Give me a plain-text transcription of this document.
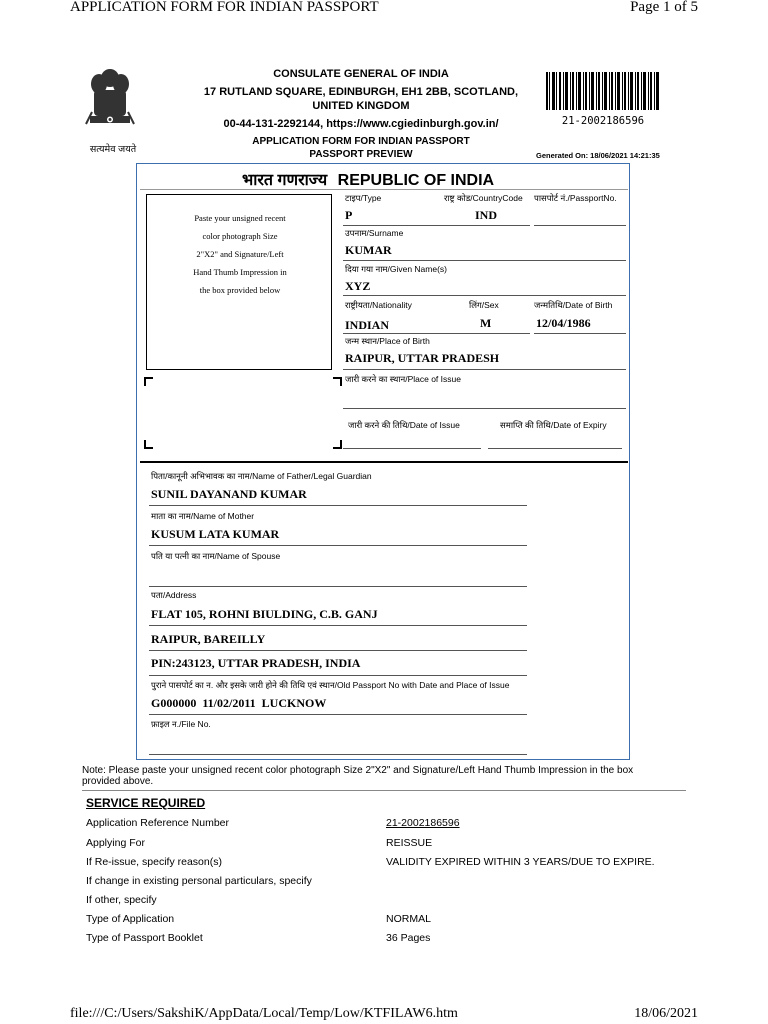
APPLICATION FORM FOR INDIAN PASSPORT	Page 1 of 5
सत्यमेव जयते
CONSULATE GENERAL OF INDIA
17 RUTLAND SQUARE, EDINBURGH, EH1 2BB, SCOTLAND,
UNITED KINGDOM
00-44-131-2292144, https://www.cgiedinburgh.gov.in/
APPLICATION FORM FOR INDIAN PASSPORT
PASSPORT PREVIEW	Generated On: 18/06/2021 14:21:35
21-2002186596
भारत गणराज्य REPUBLIC OF INDIA
Paste your unsigned recent
color photograph Size
2"X2" and Signature/Left
Hand Thumb Impression in
the box provided below
टाइप/Type	राष्ट्र कोड/CountryCode पासपोर्ट नं./PassportNo.
P	IND
उपनाम/Surname
KUMAR
दिया गया नाम/Given Name(s)
XYZ
राष्ट्रीयता/Nationality	लिंग/Sex	जन्मतिथि/Date of Birth
INDIAN	M	12/04/1986
जन्म स्थान/Place of Birth
RAIPUR, UTTAR PRADESH
जारी करने का स्थान/Place of Issue
जारी करने की तिथि/Date of Issue	समाप्ति की तिथि/Date of Expiry
पिता/कानूनी अभिभावक का नाम/Name of Father/Legal Guardian
SUNIL DAYANAND KUMAR
माता का नाम/Name of Mother
KUSUM LATA KUMAR
पति या पत्नी का नाम/Name of Spouse
पता/Address
FLAT 105, ROHNI BIULDING, C.B. GANJ
RAIPUR, BAREILLY
PIN:243123, UTTAR PRADESH, INDIA
पुराने पासपोर्ट का न. और इसके जारी होने की तिथि एवं स्थान/Old Passport No with Date and Place of Issue
G000000  11/02/2011  LUCKNOW
फ़ाइल न./File No.
Note: Please paste your unsigned recent color photograph Size 2"X2" and Signature/Left Hand Thumb Impression in the box
provided above.
SERVICE REQUIRED
Application Reference Number	21-2002186596
Applying For	REISSUE
If Re-issue, specify reason(s)	VALIDITY EXPIRED WITHIN 3 YEARS/DUE TO EXPIRE.
If change in existing personal particulars, specify
If other, specify
Type of Application	NORMAL
Type of Passport Booklet	36 Pages
file:///C:/Users/SakshiK/AppData/Local/Temp/Low/KTFILAW6.htm	18/06/2021
